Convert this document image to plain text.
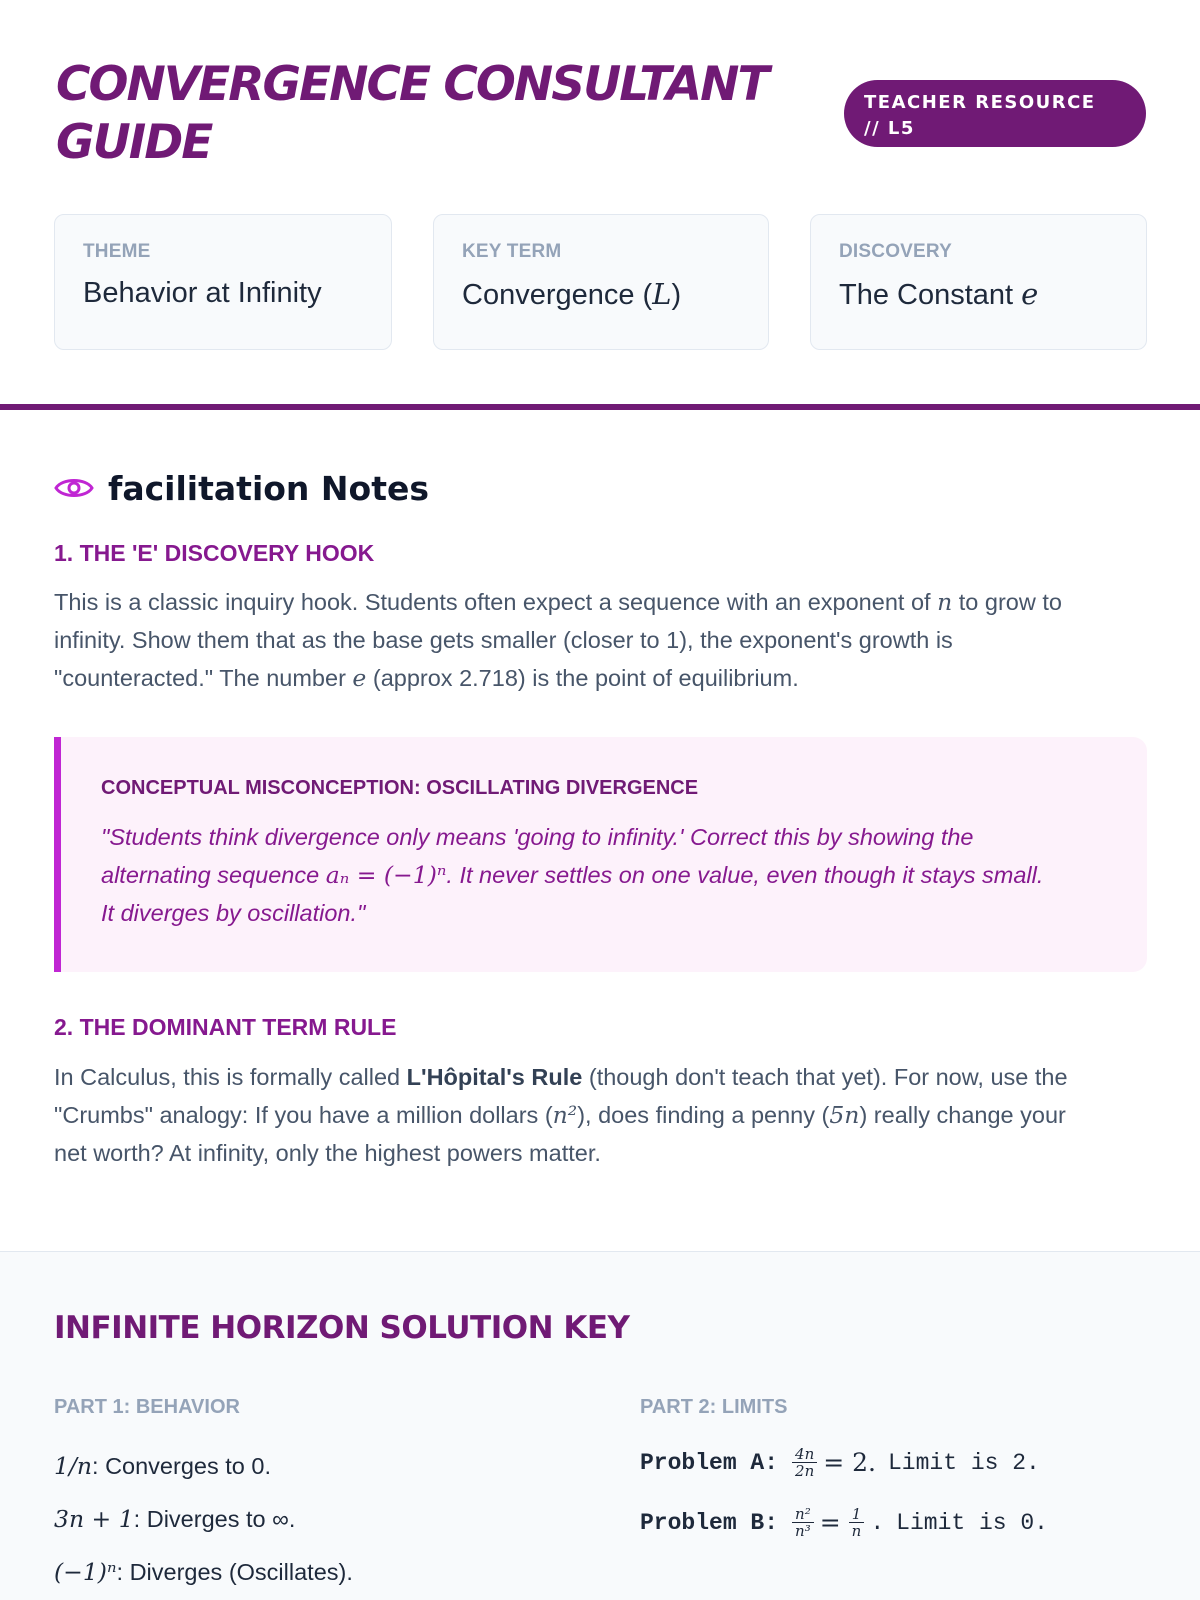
CONVERGENCE CONSULTANT
GUIDE
TEACHER RESOURCE
// L5
THEME
Behavior at Infinity
KEY TERM
Convergence (L)
DISCOVERY
The Constant e
facilitation Notes
1. THE 'E' DISCOVERY HOOK
This is a classic inquiry hook. Students often expect a sequence with an exponent of n to grow to
infinity. Show them that as the base gets smaller (closer to 1), the exponent's growth is
"counteracted." The number e (approx 2.718) is the point of equilibrium.
CONCEPTUAL MISCONCEPTION: OSCILLATING DIVERGENCE
"Students think divergence only means 'going to infinity.' Correct this by showing the
alternating sequence aₙ = (−1)ⁿ. It never settles on one value, even though it stays small.
It diverges by oscillation."
2. THE DOMINANT TERM RULE
In Calculus, this is formally called L'Hôpital's Rule (though don't teach that yet). For now, use the
"Crumbs" analogy: If you have a million dollars (n²), does finding a penny (5n) really change your
net worth? At infinity, only the highest powers matter.
INFINITE HORIZON SOLUTION KEY
PART 1: BEHAVIOR	PART 2: LIMITS
1/n: Converges to 0.
3n + 1: Diverges to ∞.
(−1)ⁿ: Diverges (Oscillates).
Problem A: $\frac{4n}{2n} = 2$. Limit is 2.
Problem B: $\frac{\text{n²}}{\text{n³}} = \frac{1}{n}$ . Limit is 0.
